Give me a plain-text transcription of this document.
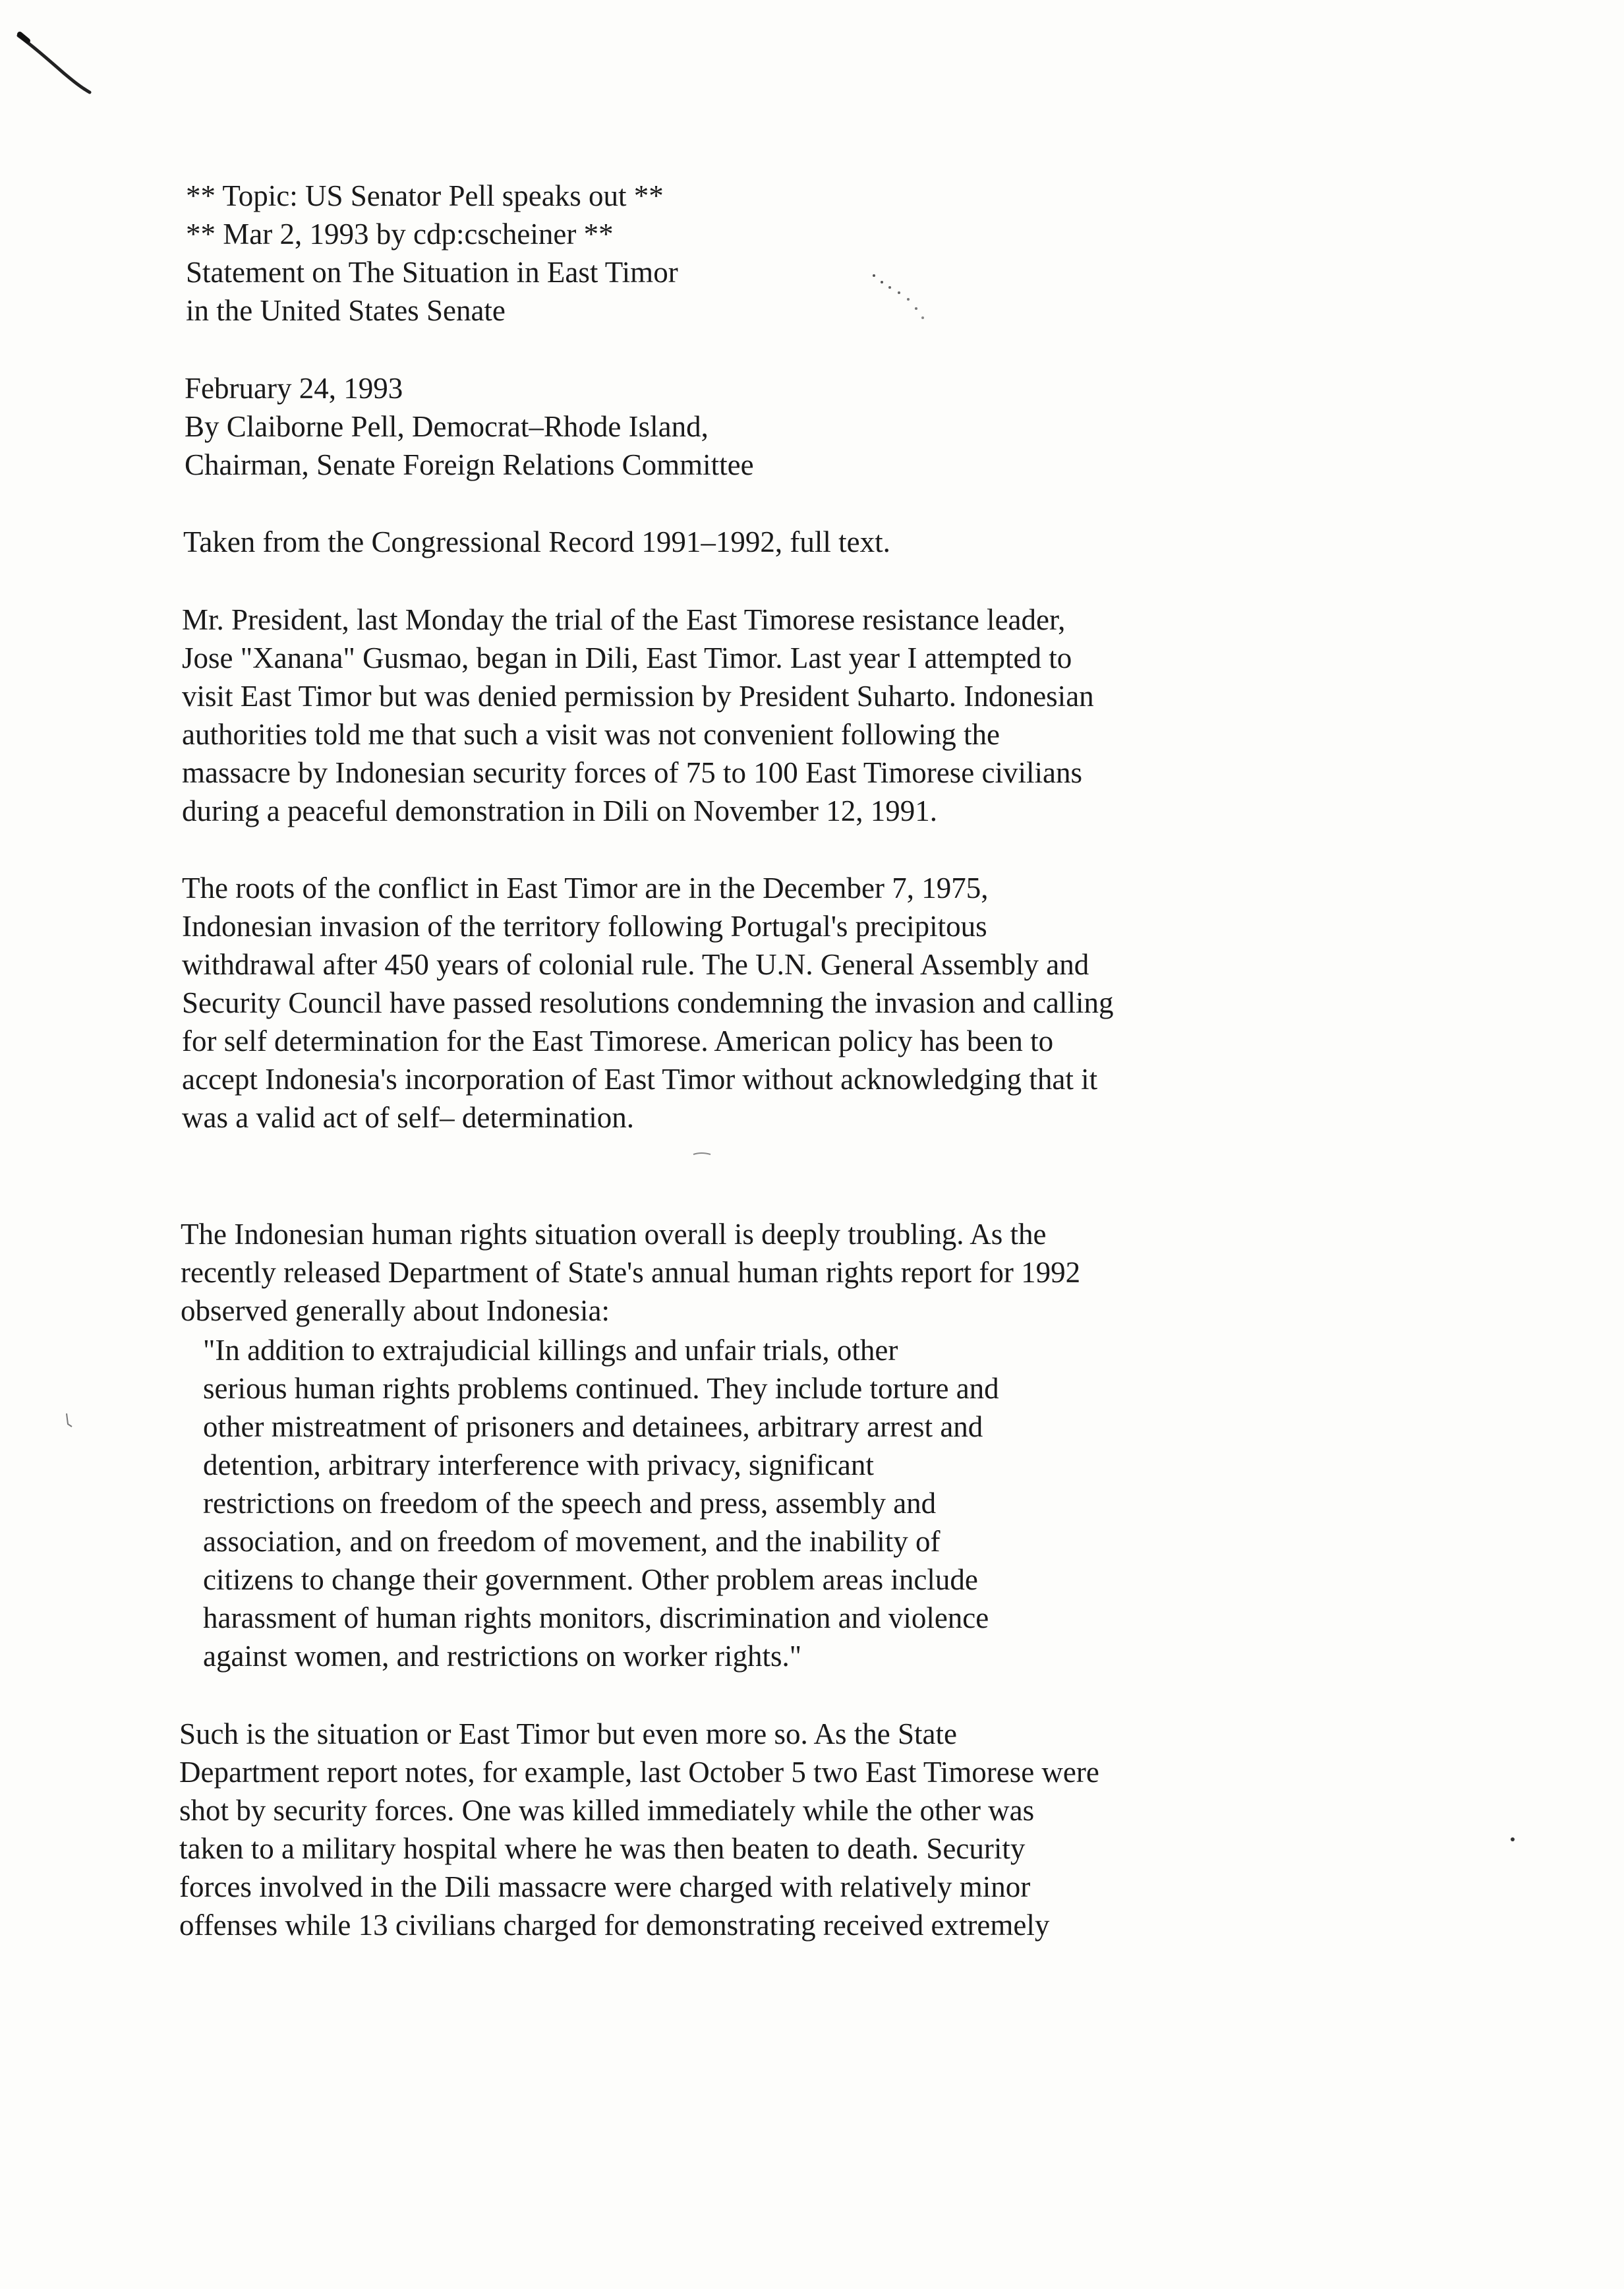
** Topic: US Senator Pell speaks out **
** Mar 2, 1993 by cdp:cscheiner **
Statement on The Situation in East Timor
in the United States Senate
February 24, 1993
By Claiborne Pell, Democrat–Rhode Island,
Chairman, Senate Foreign Relations Committee
Taken from the Congressional Record 1991–1992, full text.
Mr. President, last Monday the trial of the East Timorese resistance leader,
Jose "Xanana" Gusmao, began in Dili, East Timor. Last year I attempted to
visit East Timor but was denied permission by President Suharto. Indonesian
authorities told me that such a visit was not convenient following the
massacre by Indonesian security forces of 75 to 100 East Timorese civilians
during a peaceful demonstration in Dili on November 12, 1991.
The roots of the conflict in East Timor are in the December 7, 1975,
Indonesian invasion of the territory following Portugal's precipitous
withdrawal after 450 years of colonial rule. The U.N. General Assembly and
Security Council have passed resolutions condemning the invasion and calling
for self determination for the East Timorese. American policy has been to
accept Indonesia's incorporation of East Timor without acknowledging that it
was a valid act of self– determination.
The Indonesian human rights situation overall is deeply troubling. As the
recently released Department of State's annual human rights report for 1992
observed generally about Indonesia:
"In addition to extrajudicial killings and unfair trials, other
serious human rights problems continued. They include torture and
other mistreatment of prisoners and detainees, arbitrary arrest and
detention, arbitrary interference with privacy, significant
restrictions on freedom of the speech and press, assembly and
association, and on freedom of movement, and the inability of
citizens to change their government. Other problem areas include
harassment of human rights monitors, discrimination and violence
against women, and restrictions on worker rights."
Such is the situation or East Timor but even more so. As the State
Department report notes, for example, last October 5 two East Timorese were
shot by security forces. One was killed immediately while the other was
taken to a military hospital where he was then beaten to death. Security
forces involved in the Dili massacre were charged with relatively minor
offenses while 13 civilians charged for demonstrating received extremely
